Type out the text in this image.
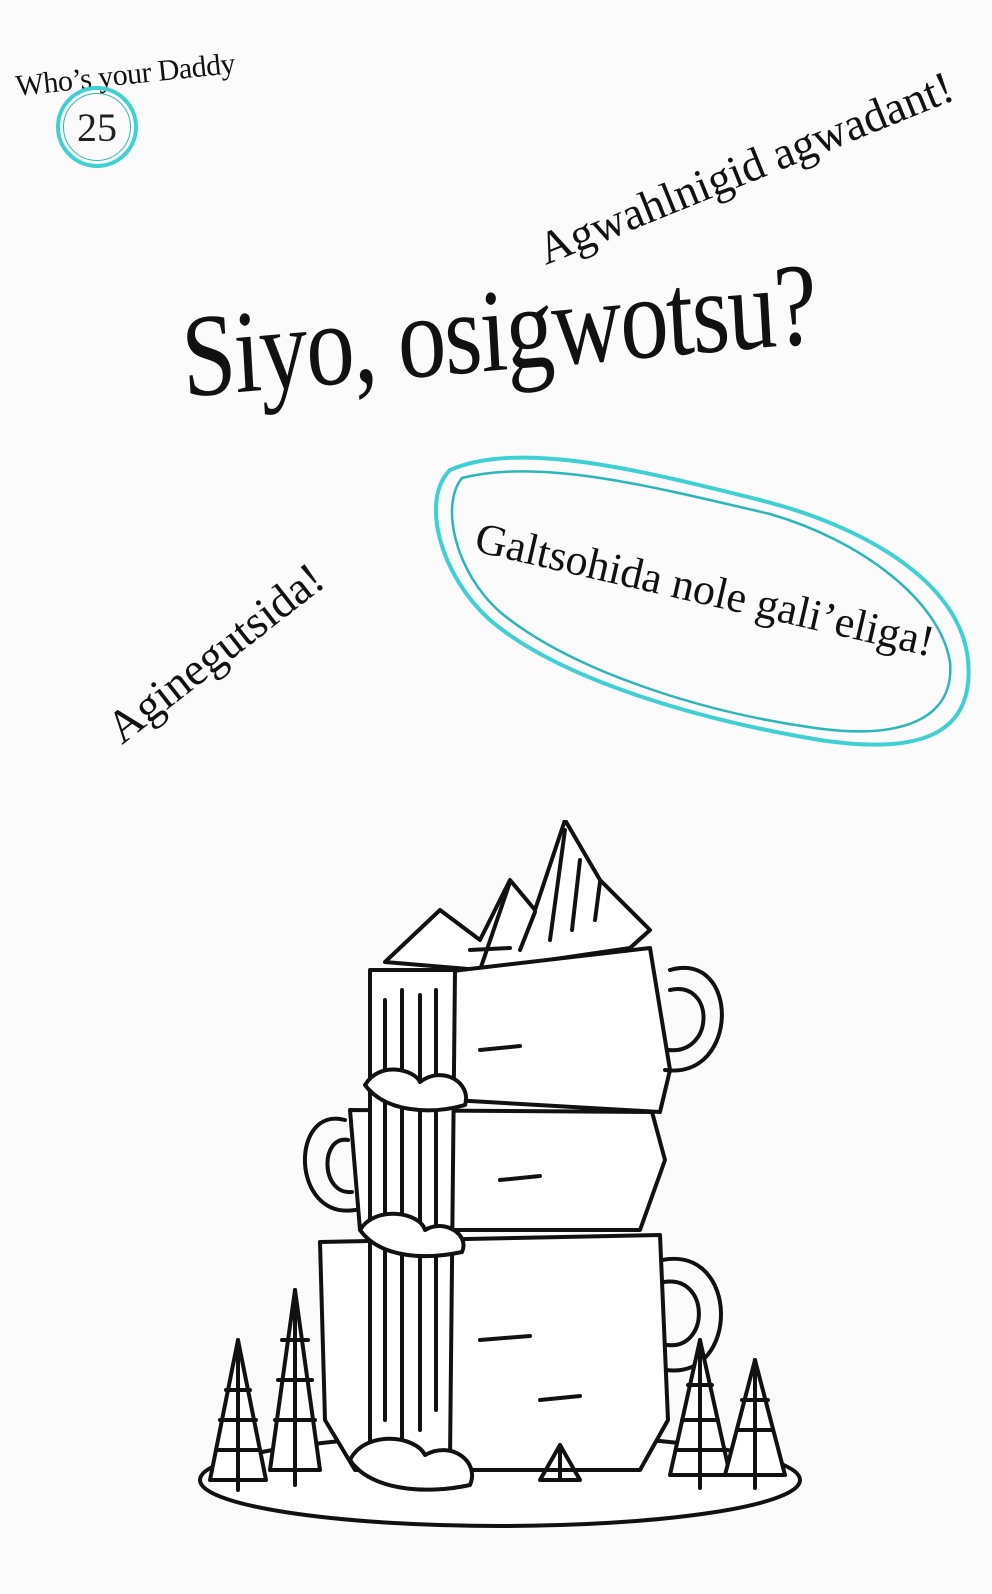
Who’s your Daddy
25	Agwahlnigid agwadant!
Siyo, osigwotsu?
Aginegutsida!	Galtsohida nole gali’eliga!
